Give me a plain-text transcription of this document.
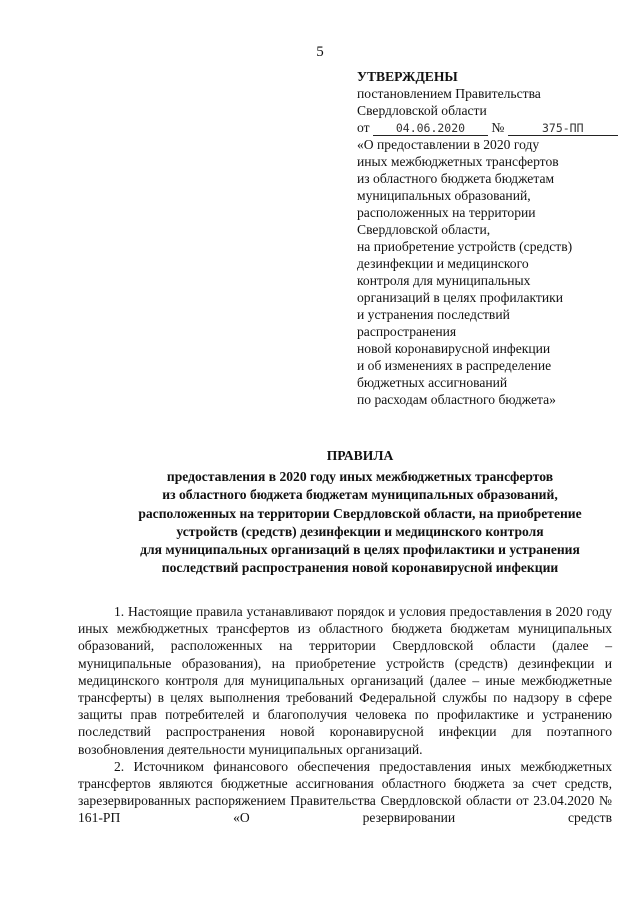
5
УТВЕРЖДЕНЫ
постановлением Правительства
Свердловской области
от 04.06.2020 №	375-ПП
«О предоставлении в 2020 году
иных межбюджетных трансфертов
из областного бюджета бюджетам
муниципальных образований,
расположенных на территории
Свердловской области,
на приобретение устройств (средств)
дезинфекции и медицинского
контроля для муниципальных
организаций в целях профилактики
и устранения последствий
распространения
новой коронавирусной инфекции
и об изменениях в распределение
бюджетных ассигнований
по расходам областного бюджета»
ПРАВИЛА
предоставления в 2020 году иных межбюджетных трансфертов
из областного бюджета бюджетам муниципальных образований,
расположенных на территории Свердловской области, на приобретение
устройств (средств) дезинфекции и медицинского контроля
для муниципальных организаций в целях профилактики и устранения
последствий распространения новой коронавирусной инфекции

1. Настоящие правила устанавливают порядок и условия предоставления в 2020 году иных межбюджетных трансфертов из областного бюджета бюджетам муниципальных образований, расположенных на территории Свердловской области (далее – муниципальные образования), на приобретение устройств (средств) дезинфекции и медицинского контроля для муниципальных организаций (далее – иные межбюджетные трансферты) в целях выполнения требований Федеральной службы по надзору в сфере защиты прав потребителей и благополучия человека по профилактике и устранению последствий распространения новой коронавирусной инфекции для поэтапного возобновления деятельности муниципальных организаций.

2. Источником финансового обеспечения предоставления иных межбюджетных трансфертов являются бюджетные ассигнования областного бюджета за счет средств, зарезервированных распоряжением Правительства Свердловской области от 23.04.2020 № 161-РП «О резервировании средств
